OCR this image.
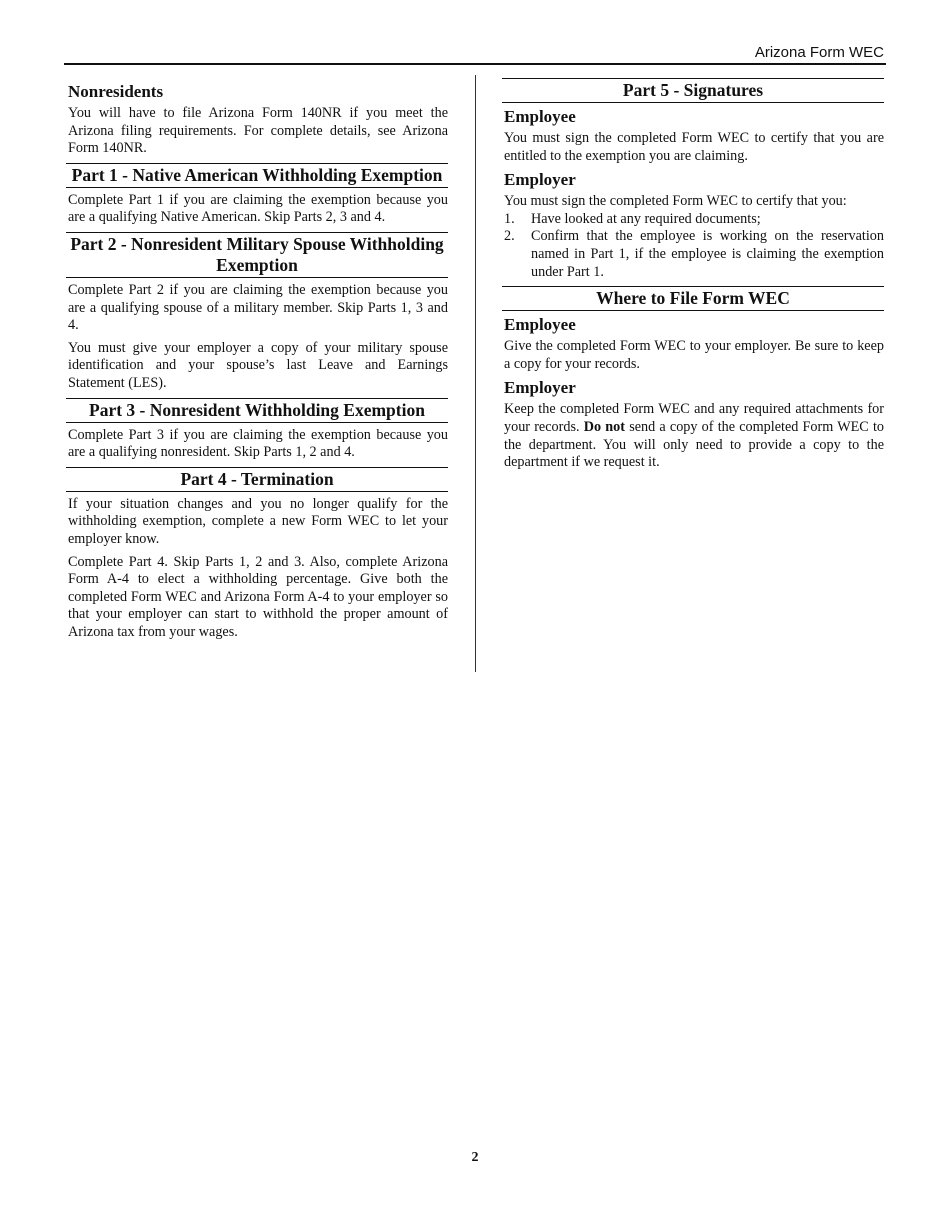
Arizona Form WEC
Nonresidents

You will have to file Arizona Form 140NR if you meet the Arizona filing requirements. For complete details, see Arizona Form 140NR.

Part 1 - Native American Withholding Exemption

Complete Part 1 if you are claiming the exemption because you are a qualifying Native American. Skip Parts 2, 3 and 4.

Part 2 - Nonresident Military Spouse Withholding Exemption

Complete Part 2 if you are claiming the exemption because you are a qualifying spouse of a military member. Skip Parts 1, 3 and 4.

You must give your employer a copy of your military spouse identification and your spouse’s last Leave and Earnings Statement (LES).

Part 3 - Nonresident Withholding Exemption

Complete Part 3 if you are claiming the exemption because you are a qualifying nonresident. Skip Parts 1, 2 and 4.

Part 4 - Termination

If your situation changes and you no longer qualify for the withholding exemption, complete a new Form WEC to let your employer know.

Complete Part 4. Skip Parts 1, 2 and 3. Also, complete Arizona Form A-4 to elect a withholding percentage. Give both the completed Form WEC and Arizona Form A-4 to your employer so that your employer can start to withhold the proper amount of Arizona tax from your wages.

Part 5 - Signatures
Employee

You must sign the completed Form WEC to certify that you are entitled to the exemption you are claiming.

Employer

You must sign the completed Form WEC to certify that you:

1. Have looked at any required documents;
2. Confirm that the employee is working on the reservation named in Part 1, if the employee is claiming the exemption under Part 1.
Where to File Form WEC
Employee

Give the completed Form WEC to your employer. Be sure to keep a copy for your records.

Employer

Keep the completed Form WEC and any required attachments for your records. Do not send a copy of the completed Form WEC to the department. You will only need to provide a copy to the department if we request it.

2
